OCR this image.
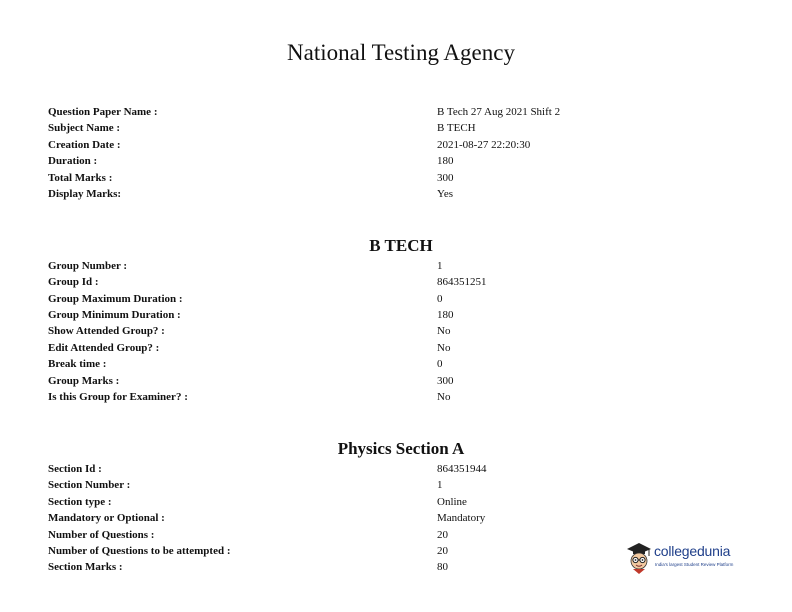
National Testing Agency
Question Paper Name :	B Tech 27 Aug 2021 Shift 2
Subject Name :	B TECH
Creation Date :	2021-08-27 22:20:30
Duration :	180
Total Marks :	300
Display Marks:	Yes
B TECH
Group Number :	1
Group Id :	864351251
Group Maximum Duration :	0
Group Minimum Duration :	180
Show Attended Group? :	No
Edit Attended Group? :	No
Break time :	0
Group Marks :	300
Is this Group for Examiner? :	No
Physics Section A
Section Id :	864351944
Section Number :	1
Section type :	Online
Mandatory or Optional :	Mandatory
Number of Questions :	20
Number of Questions to be attempted :	20
Section Marks :	80
collegedunia
India's largest Student Review Platform
